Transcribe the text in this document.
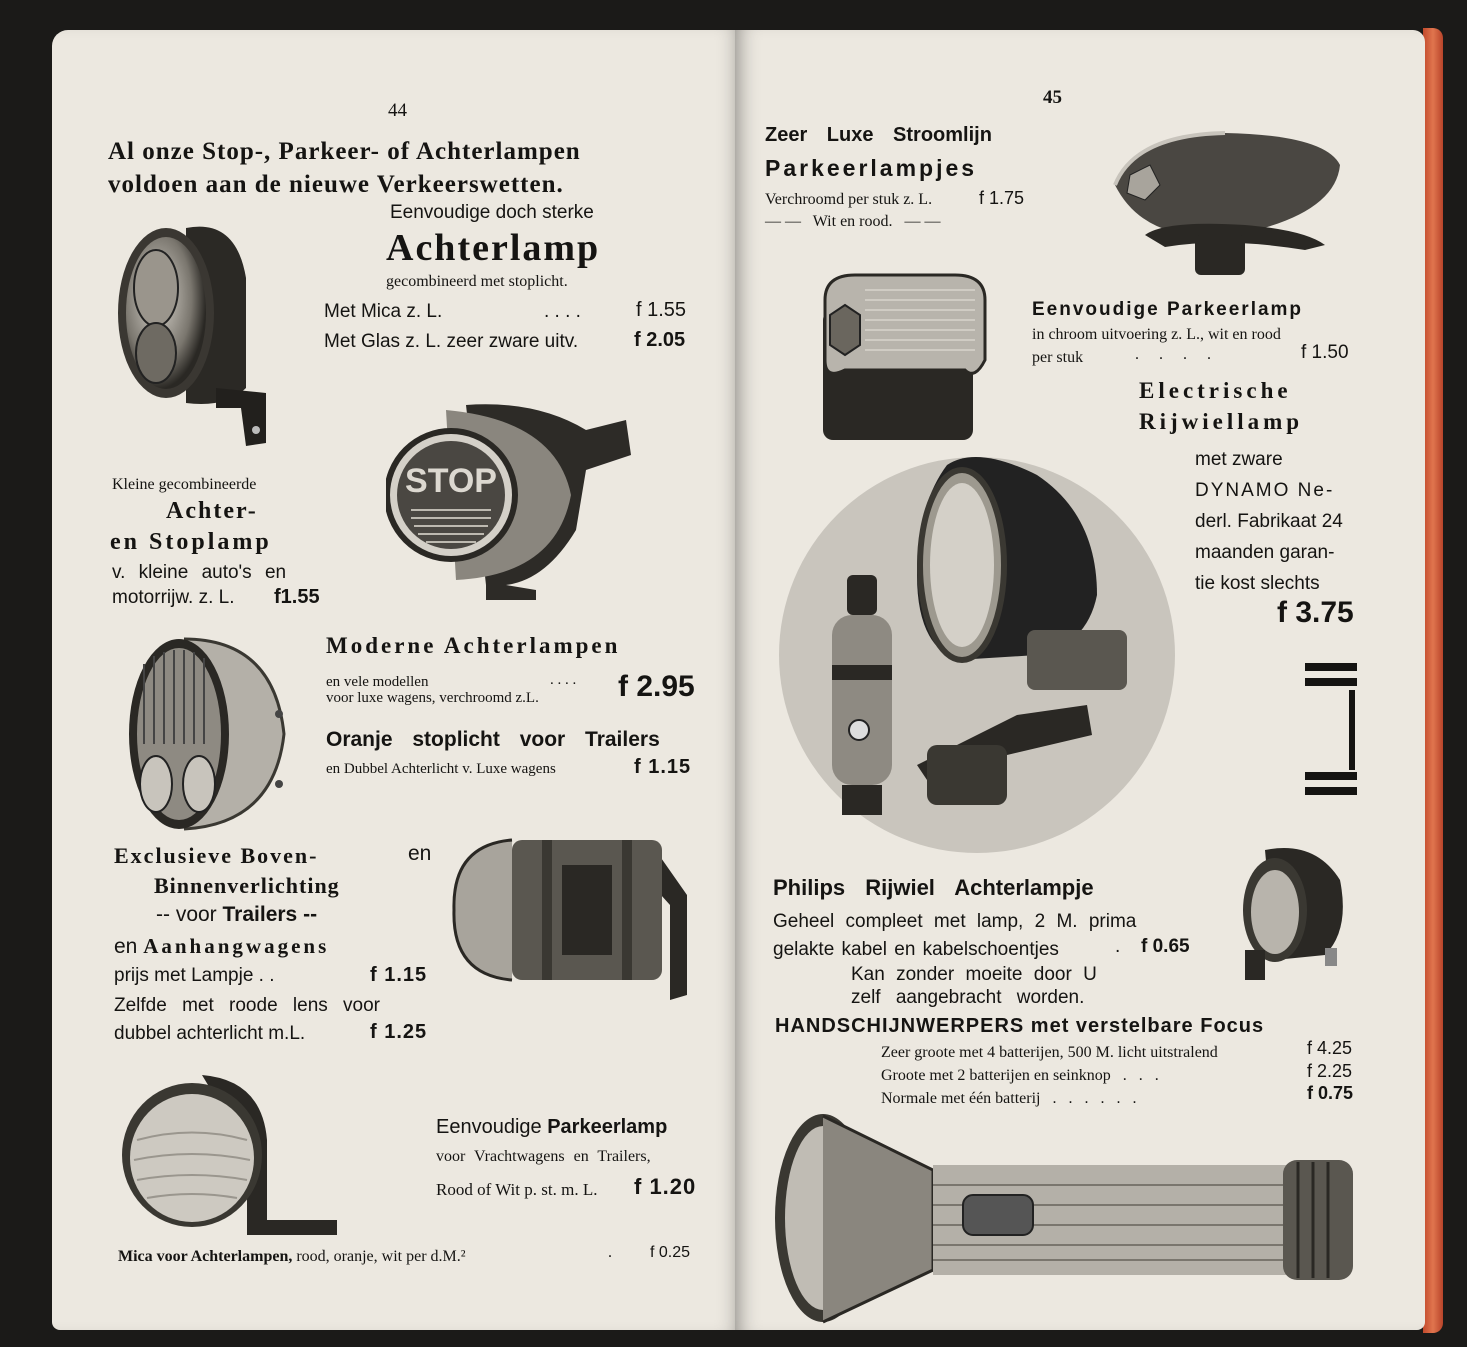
44
Al onze Stop-, Parkeer- of Achterlampen
voldoen aan de nieuwe Verkeerswetten.
Eenvoudige doch sterke
Achterlamp
gecombineerd met stoplicht.
Met Mica z. L.	. . . .	f 1.55
Met Glas z. L. zeer zware uitv.	f 2.05
Kleine gecombineerde
Achter-
en Stoplamp
v. kleine auto's en
motorrijw. z. L. f1.55
STOP
Moderne Achterlampen
en vele modellen	. . . .
voor luxe wagens, verchroomd z.L.	f 2.95
Oranje stoplicht voor Trailers
en Dubbel Achterlicht v. Luxe wagens	f 1.15
Exclusieve Boven-	en
Binnenverlichting
-- voor Trailers --
en Aanhangwagens
prijs met Lampje . .	f 1.15
Zelfde met roode lens voor
dubbel achterlicht m.L.	f 1.25
Eenvoudige Parkeerlamp
voor Vrachtwagens en Trailers,
Rood of Wit p. st. m. L. f 1.20
Mica voor Achterlampen, rood, oranje, wit per d.M.²	. f 0.25
45
Zeer Luxe Stroomlijn
Parkeerlampjes
Verchroomd per stuk z. L.	f 1.75
— —   Wit en rood.   — —
Eenvoudige Parkeerlamp
in chroom uitvoering z. L., wit en rood
per stuk	. . . .	f 1.50
Electrische
Rijwiellamp
met zware
DYNAMO Ne-
derl. Fabrikaat 24
maanden garan-
tie kost slechts
f 3.75
Philips Rijwiel Achterlampje
Geheel compleet met lamp, 2 M. prima
gelakte kabel en kabelschoentjes	. f 0.65
Kan zonder moeite door U
zelf aangebracht worden.
HANDSCHIJNWERPERS met verstelbare Focus
Zeer groote met 4 batterijen, 500 M. licht uitstralend	f 4.25
Groote met 2 batterijen en seinknop   .   .   .	f 2.25
Normale met één batterij   .   .   .   .   .   .	f 0.75
